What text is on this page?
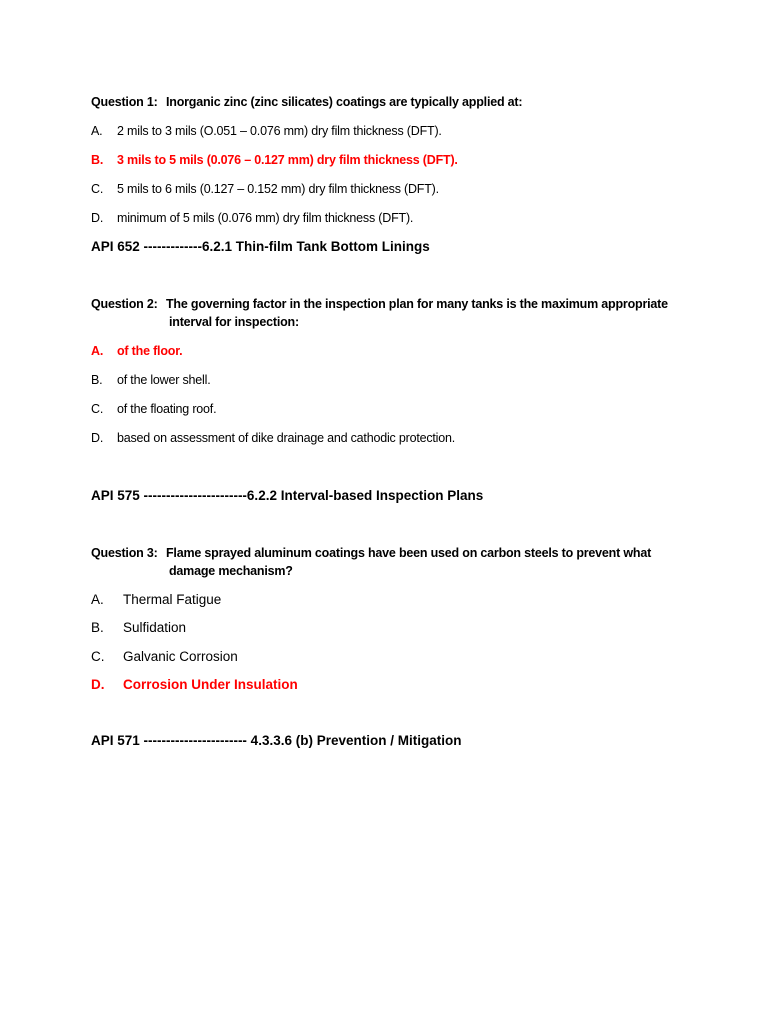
Question 1: Inorganic zinc (zinc silicates) coatings are typically applied at:
A. 2 mils to 3 mils (O.051 – 0.076 mm) dry film thickness (DFT).
B. 3 mils to 5 mils (0.076 – 0.127 mm) dry film thickness (DFT).
C. 5 mils to 6 mils (0.127 – 0.152 mm) dry film thickness (DFT).
D. minimum of 5 mils (0.076 mm) dry film thickness (DFT).
API 652 -------------6.2.1 Thin-film Tank Bottom Linings
Question 2: The governing factor in the inspection plan for many tanks is the maximum appropriate
interval for inspection:
A. of the floor.
B. of the lower shell.
C. of the floating roof.
D. based on assessment of dike drainage and cathodic protection.
API 575 -----------------------6.2.2 Interval-based Inspection Plans
Question 3: Flame sprayed aluminum coatings have been used on carbon steels to prevent what
damage mechanism?
A. Thermal Fatigue
B. Sulfidation
C. Galvanic Corrosion
D. Corrosion Under Insulation
API 571 ----------------------- 4.3.3.6 (b) Prevention / Mitigation
